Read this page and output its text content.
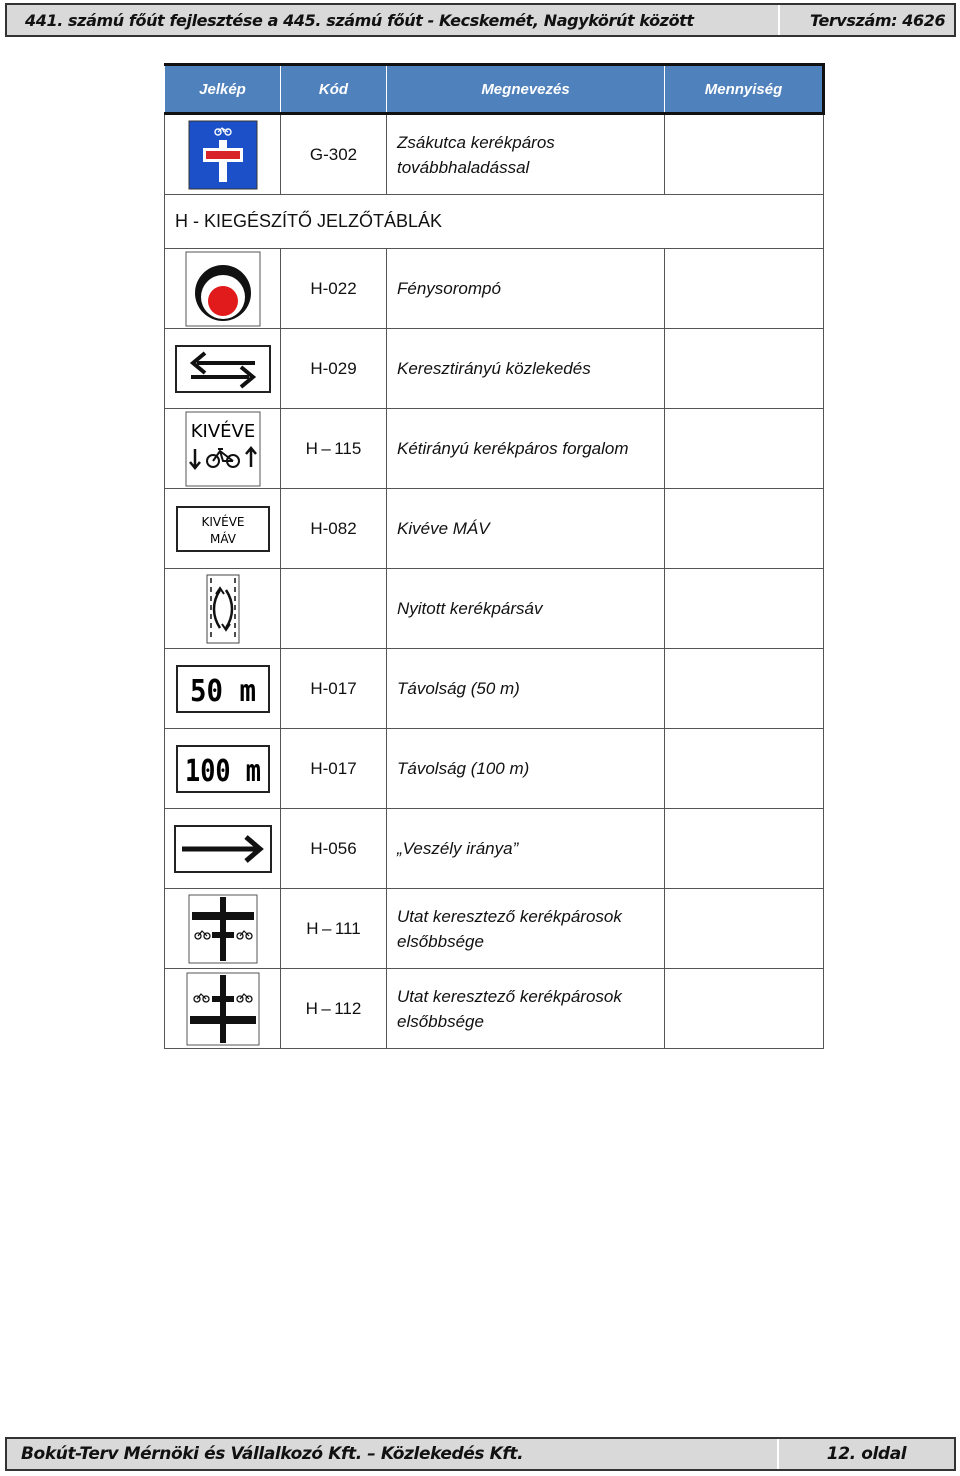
441. számú főút fejlesztése a 445. számú főút - Kecskemét, Nagykörút között	Tervszám: 4626
Jelkép	Kód	Megnevezés	Mennyiség

	G-302	Zsákutca kerékpáros továbbhaladással	
H - KIEGÉSZÍTŐ JELZŐTÁBLÁK			

	H-022	Fénysorompó	

	H-029	Keresztirányú közlekedés	

KIVÉVE	H – 115	Kétirányú kerékpáros forgalom	

KIVÉVE
MÁV	H-082	Kivéve MÁV	

		Nyitott kerékpársáv	

50 m	H-017	Távolság (50 m)	

100 m	H-017	Távolság (100 m)	

	H-056	„Veszély iránya”	

	H – 111	Utat keresztező kerékpárosok elsőbbsége	

	H – 112	Utat keresztező kerékpárosok elsőbbsége	
Bokút-Terv Mérnöki és Vállalkozó Kft. – Közlekedés Kft.	12. oldal
